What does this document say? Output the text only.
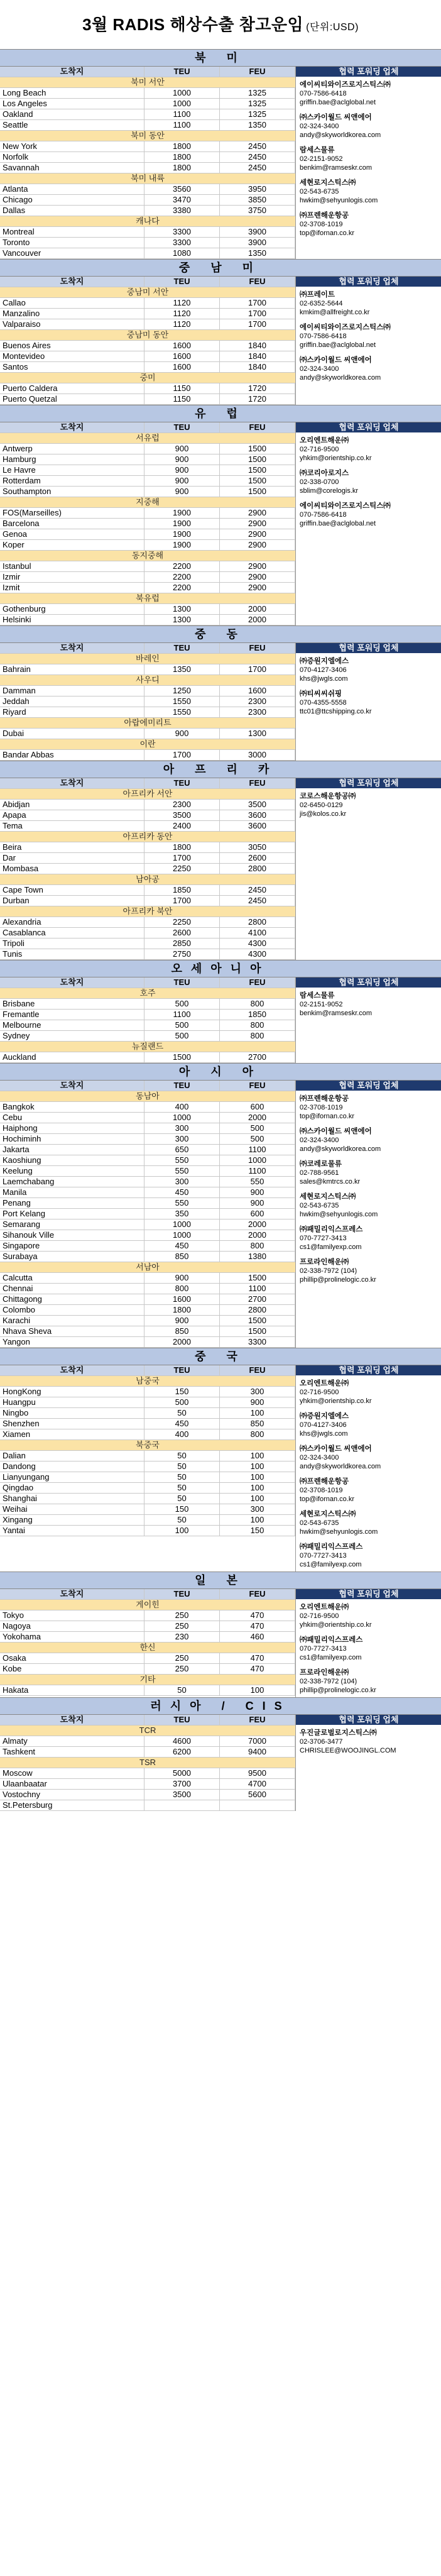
3월 RADIS 해상수출 참고운임 (단위:USD)
북 미
도착지	TEU	FEU
북미 서안
Long Beach	1000	1325
Los Angeles	1000	1325
Oakland	1100	1325
Seattle	1100	1350
북미 동안
New York	1800	2450
Norfolk	1800	2450
Savannah	1800	2450
북미 내륙
Atlanta	3560	3950
Chicago	3470	3850
Dallas	3380	3750
캐나다
Montreal	3300	3900
Toronto	3300	3900
Vancouver	1080	1350
협력 포워딩 업체
에이씨티와이즈로지스틱스㈜
070-7586-6418
griffin.bae@aclglobal.net
㈜스카이월드 씨앤에어
02-324-3400
andy@skyworldkorea.com
람세스물류
02-2151-9052
benkim@ramseskr.com
세현로지스틱스㈜
02-543-6735
hwkim@sehyunlogis.com
㈜프렌해운항공
02-3708-1019
top@ifornan.co.kr
중 남 미
도착지	TEU	FEU
중남미 서안
Callao	1120	1700
Manzalino	1120	1700
Valparaiso	1120	1700
중남미 동안
Buenos Aires	1600	1840
Montevideo	1600	1840
Santos	1600	1840
중미
Puerto Caldera	1150	1720
Puerto Quetzal	1150	1720
협력 포워딩 업체
㈜프레이트
02-6352-5644
kmkim@allfreight.co.kr
에이씨티와이즈로지스틱스㈜
070-7586-6418
griffin.bae@aclglobal.net
㈜스카이월드 씨앤에어
02-324-3400
andy@skyworldkorea.com
유 럽
도착지	TEU	FEU
서유럽
Antwerp	900	1500
Hamburg	900	1500
Le Havre	900	1500
Rotterdam	900	1500
Southampton	900	1500
지중해
FOS(Marseilles)	1900	2900
Barcelona	1900	2900
Genoa	1900	2900
Koper	1900	2900
동지중해
Istanbul	2200	2900
Izmir	2200	2900
Izmit	2200	2900
북유럽
Gothenburg	1300	2000
Helsinki	1300	2000
협력 포워딩 업체
오리엔트해운㈜
02-716-9500
yhkim@orientship.co.kr
㈜코리아로지스
02-338-0700
sblim@corelogis.kr
에이씨티와이즈로지스틱스㈜
070-7586-6418
griffin.bae@aclglobal.net
중 동
도착지	TEU	FEU
바레인
Bahrain	1350	1700
사우디
Damman	1250	1600
Jeddah	1550	2300
Riyard	1550	2300
아랍에미리트
Dubai	900	1300
이란
Bandar Abbas	1700	3000
협력 포워딩 업체
㈜증원지엘에스
070-4127-3406
khs@jwgls.com
㈜티씨씨쉬핑
070-4355-5558
ttc01@ttcshipping.co.kr
아 프 리 카
도착지	TEU	FEU
아프리카 서안
Abidjan	2300	3500
Apapa	3500	3600
Tema	2400	3600
아프리카 동안
Beira	1800	3050
Dar	1700	2600
Mombasa	2250	2800
남아공
Cape Town	1850	2450
Durban	1700	2450
아프리카 북안
Alexandria	2250	2800
Casablanca	2600	4100
Tripoli	2850	4300
Tunis	2750	4300
협력 포워딩 업체
코로스해운항공㈜
02-6450-0129
jis@kolos.co.kr
오세아니아
도착지	TEU	FEU
호주
Brisbane	500	800
Fremantle	1100	1850
Melbourne	500	800
Sydney	500	800
뉴질랜드
Auckland	1500	2700
협력 포워딩 업체
람세스물류
02-2151-9052
benkim@ramseskr.com
아 시 아
도착지	TEU	FEU
동남아
Bangkok	400	600
Cebu	1000	2000
Haiphong	300	500
Hochiminh	300	500
Jakarta	650	1100
Kaoshiung	550	1000
Keelung	550	1100
Laemchabang	300	550
Manila	450	900
Penang	550	900
Port Kelang	350	600
Semarang	1000	2000
Sihanouk Ville	1000	2000
Singapore	450	800
Surabaya	850	1380
서남아
Calcutta	900	1500
Chennai	800	1100
Chittagong	1600	2700
Colombo	1800	2800
Karachi	900	1500
Nhava Sheva	850	1500
Yangon	2000	3300
협력 포워딩 업체
㈜프렌해운항공
02-3708-1019
top@ifornan.co.kr
㈜스카이월드 씨앤에어
02-324-3400
andy@skyworldkorea.com
㈜코레로물류
02-788-9561
sales@kmtrcs.co.kr
세현로지스틱스㈜
02-543-6735
hwkim@sehyunlogis.com
㈜패밀리익스프레스
070-7727-3413
cs1@familyexp.com
프로라인해운㈜
02-338-7972 (104)
phillip@prolinelogic.co.kr
중 국
도착지	TEU	FEU
남중국
HongKong	150	300
Huangpu	500	900
Ningbo	50	100
Shenzhen	450	850
Xiamen	400	800
북중국
Dalian	50	100
Dandong	50	100
Lianyungang	50	100
Qingdao	50	100
Shanghai	50	100
Weihai	150	300
Xingang	50	100
Yantai	100	150
협력 포워딩 업체
오리엔트해운㈜
02-716-9500
yhkim@orientship.co.kr
㈜증원지엘에스
070-4127-3406
khs@jwgls.com
㈜스카이월드 씨앤에어
02-324-3400
andy@skyworldkorea.com
㈜프렌해운항공
02-3708-1019
top@ifornan.co.kr
세현로지스틱스㈜
02-543-6735
hwkim@sehyunlogis.com
㈜패밀리익스프레스
070-7727-3413
cs1@familyexp.com
일 본
도착지	TEU	FEU
게이힌
Tokyo	250	470
Nagoya	250	470
Yokohama	230	460
한신
Osaka	250	470
Kobe	250	470
기타
Hakata	50	100
협력 포워딩 업체
오리엔트해운㈜
02-716-9500
yhkim@orientship.co.kr
㈜패밀리익스프레스
070-7727-3413
cs1@familyexp.com
프로라인해운㈜
02-338-7972 (104)
phillip@prolinelogic.co.kr
러시아 / CIS
도착지	TEU	FEU
TCR
Almaty	4600	7000
Tashkent	6200	9400
TSR
Moscow	5000	9500
Ulaanbaatar	3700	4700
Vostochny	3500	5600
St.Petersburg
협력 포워딩 업체
우진글로벌로지스틱스㈜
02-3706-3477
CHRISLEE@WOOJINGL.COM
